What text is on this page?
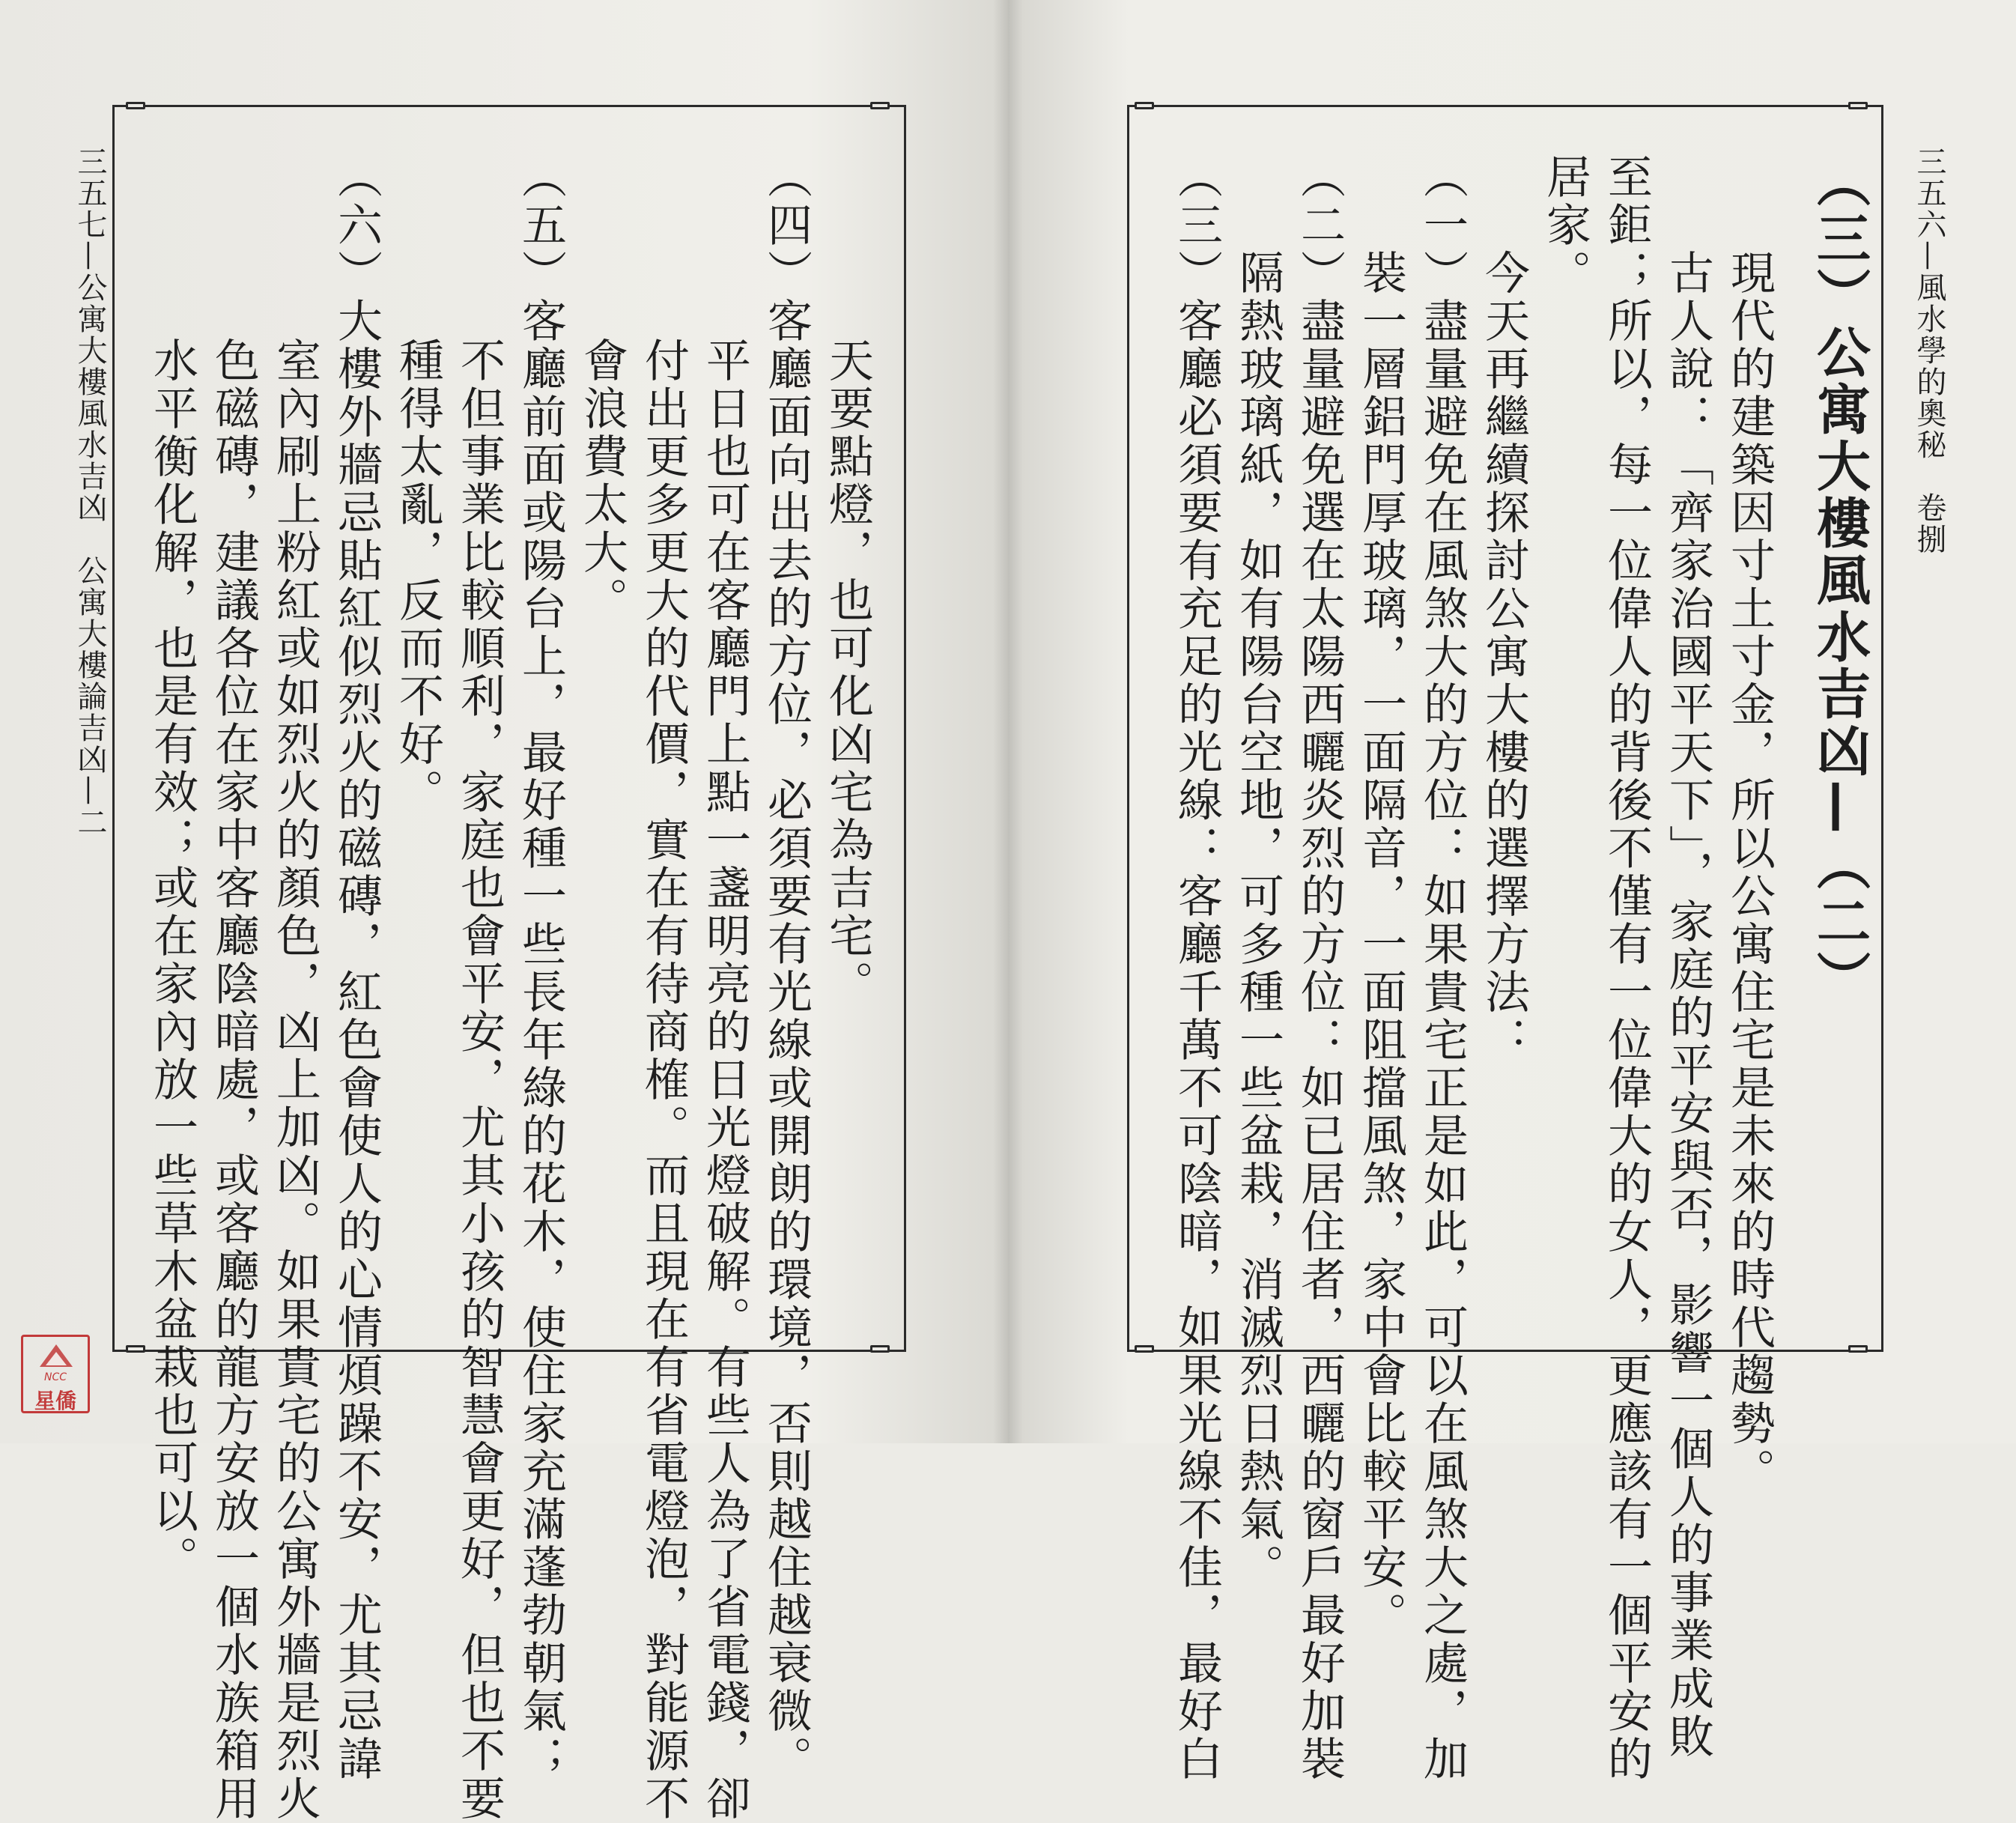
三五七—公寓大樓風水吉凶　公寓大樓論吉凶—二	　　天要點燈，也可化凶宅為吉宅。
（四）客廳面向出去的方位，必須要有光線或開朗的環境，否則越住越衰微。
　　平日也可在客廳門上點一盞明亮的日光燈破解。有些人為了省電錢，卻
　　付出更多更大的代價，實在有待商榷。而且現在有省電燈泡，對能源不
　　會浪費太大。
（五）客廳前面或陽台上，最好種一些長年綠的花木，使住家充滿蓬勃朝氣；
　　不但事業比較順利，家庭也會平安，尤其小孩的智慧會更好，但也不要
　　種得太亂，反而不好。
（六）大樓外牆忌貼紅似烈火的磁磚，紅色會使人的心情煩躁不安，尤其忌諱
　　室內刷上粉紅或如烈火的顏色，凶上加凶。如果貴宅的公寓外牆是烈火
　　色磁磚，建議各位在家中客廳陰暗處，或客廳的龍方安放一個水族箱用
　　水平衡化解，也是有效；或在家內放一些草木盆栽也可以。	三五六—風水學的奧秘　卷捌
（三）公寓大樓風水吉凶—（二）
　　現代的建築因寸土寸金，所以公寓住宅是未來的時代趨勢。
　　古人說：「齊家治國平天下」，家庭的平安與否，影響一個人的事業成敗
至鉅；所以，每一位偉人的背後不僅有一位偉大的女人，更應該有一個平安的
居家。
　　今天再繼續探討公寓大樓的選擇方法：
（一）盡量避免在風煞大的方位：如果貴宅正是如此，可以在風煞大之處，加
　　裝一層鋁門厚玻璃，一面隔音，一面阻擋風煞，家中會比較平安。
（二）盡量避免選在太陽西曬炎烈的方位：如已居住者，西曬的窗戶最好加裝
　　隔熱玻璃紙，如有陽台空地，可多種一些盆栽，消滅烈日熱氣。
（三）客廳必須要有充足的光線：客廳千萬不可陰暗，如果光線不佳，最好白
NCC
星僑
